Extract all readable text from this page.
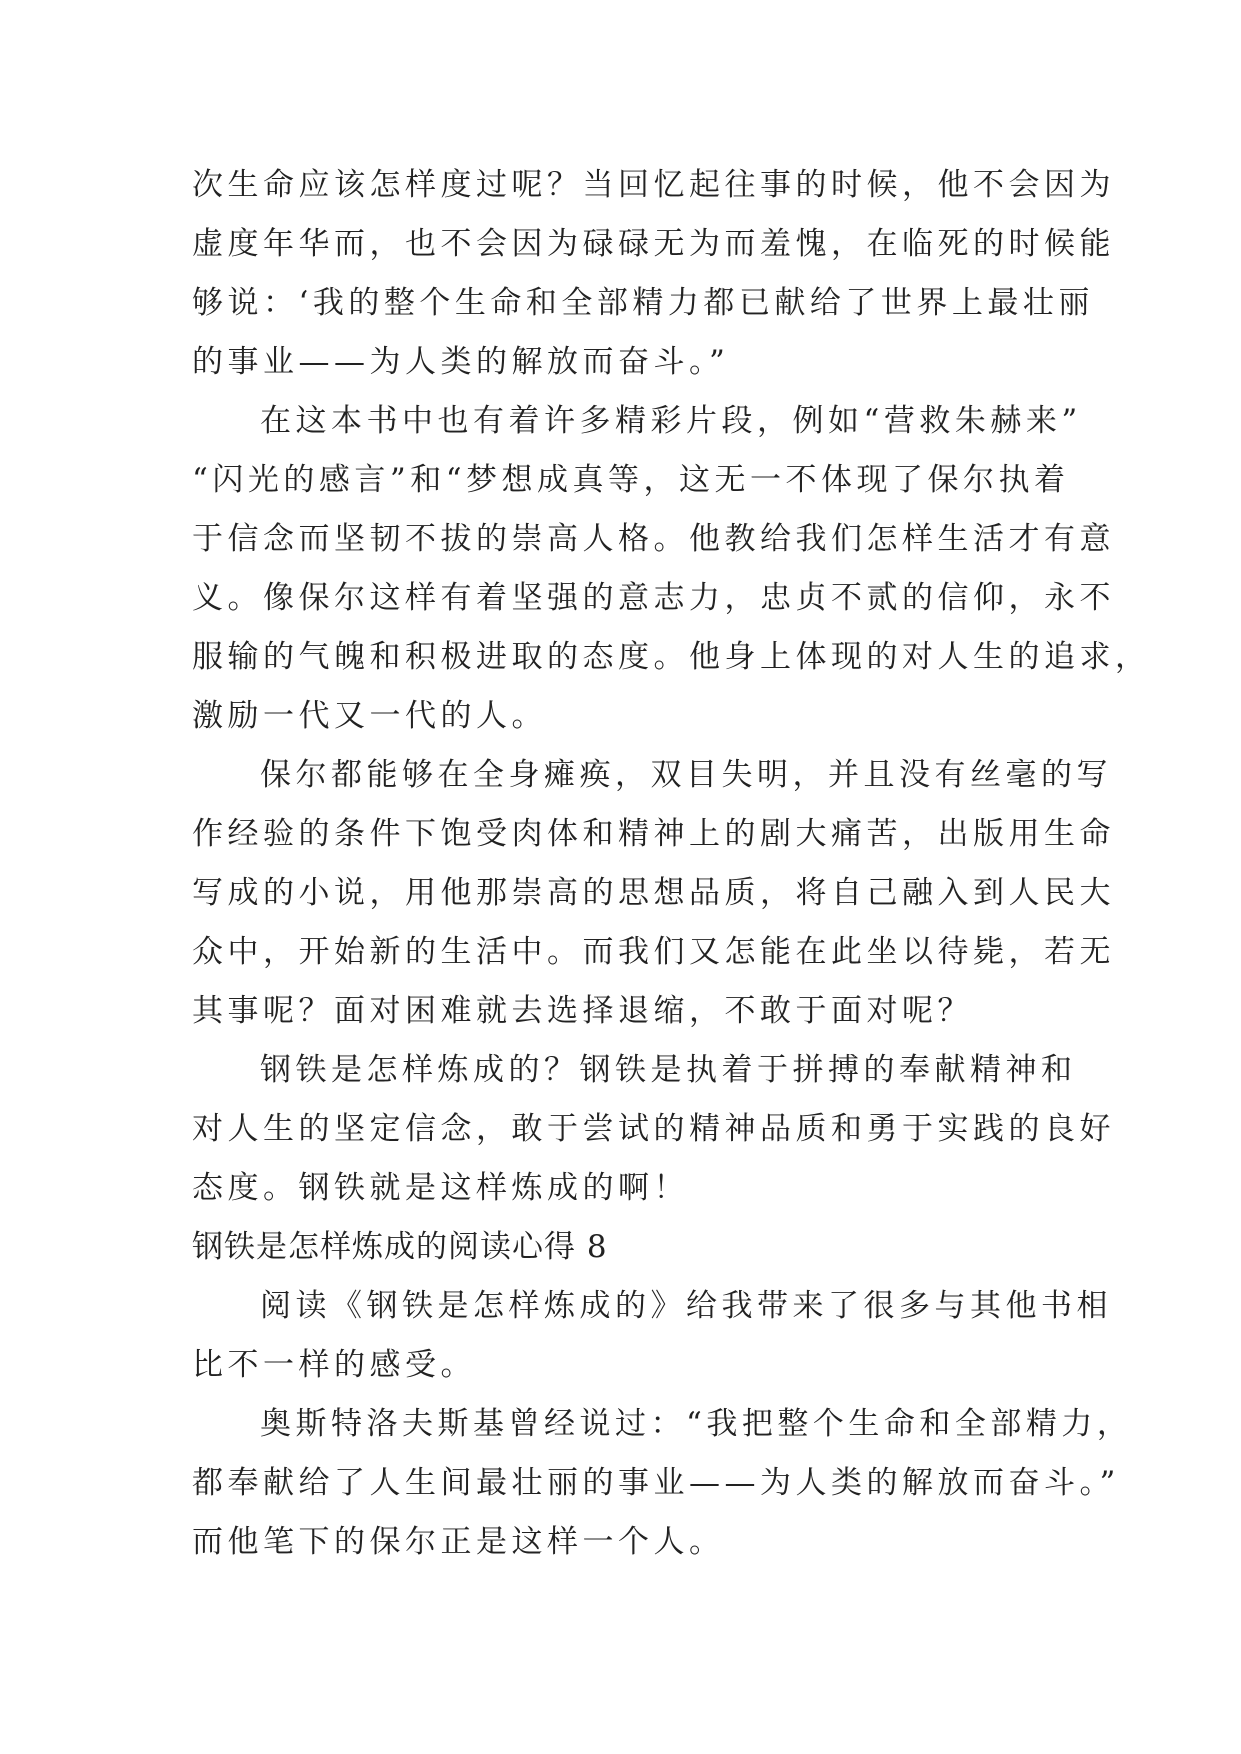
次生命应该怎样度过呢？当回忆起往事的时候，他不会因为
虚度年华而，也不会因为碌碌无为而羞愧，在临死的时候能
够说：‘我的整个生命和全部精力都已献给了世界上最壮丽
的事业——为人类的解放而奋斗。”
在这本书中也有着许多精彩片段，例如“营救朱赫来”
“闪光的感言”和“梦想成真等，这无一不体现了保尔执着
于信念而坚韧不拔的崇高人格。他教给我们怎样生活才有意
义。像保尔这样有着坚强的意志力，忠贞不贰的信仰，永不
服输的气魄和积极进取的态度。他身上体现的对人生的追求，
激励一代又一代的人。
保尔都能够在全身瘫痪，双目失明，并且没有丝毫的写
作经验的条件下饱受肉体和精神上的剧大痛苦，出版用生命
写成的小说，用他那崇高的思想品质，将自己融入到人民大
众中，开始新的生活中。而我们又怎能在此坐以待毙，若无
其事呢？面对困难就去选择退缩，不敢于面对呢？
钢铁是怎样炼成的？钢铁是执着于拼搏的奉献精神和
对人生的坚定信念，敢于尝试的精神品质和勇于实践的良好
态度。钢铁就是这样炼成的啊！
钢铁是怎样炼成的阅读心得 8
阅读《钢铁是怎样炼成的》给我带来了很多与其他书相
比不一样的感受。
奥斯特洛夫斯基曾经说过：“我把整个生命和全部精力，
都奉献给了人生间最壮丽的事业——为人类的解放而奋斗。”
而他笔下的保尔正是这样一个人。
